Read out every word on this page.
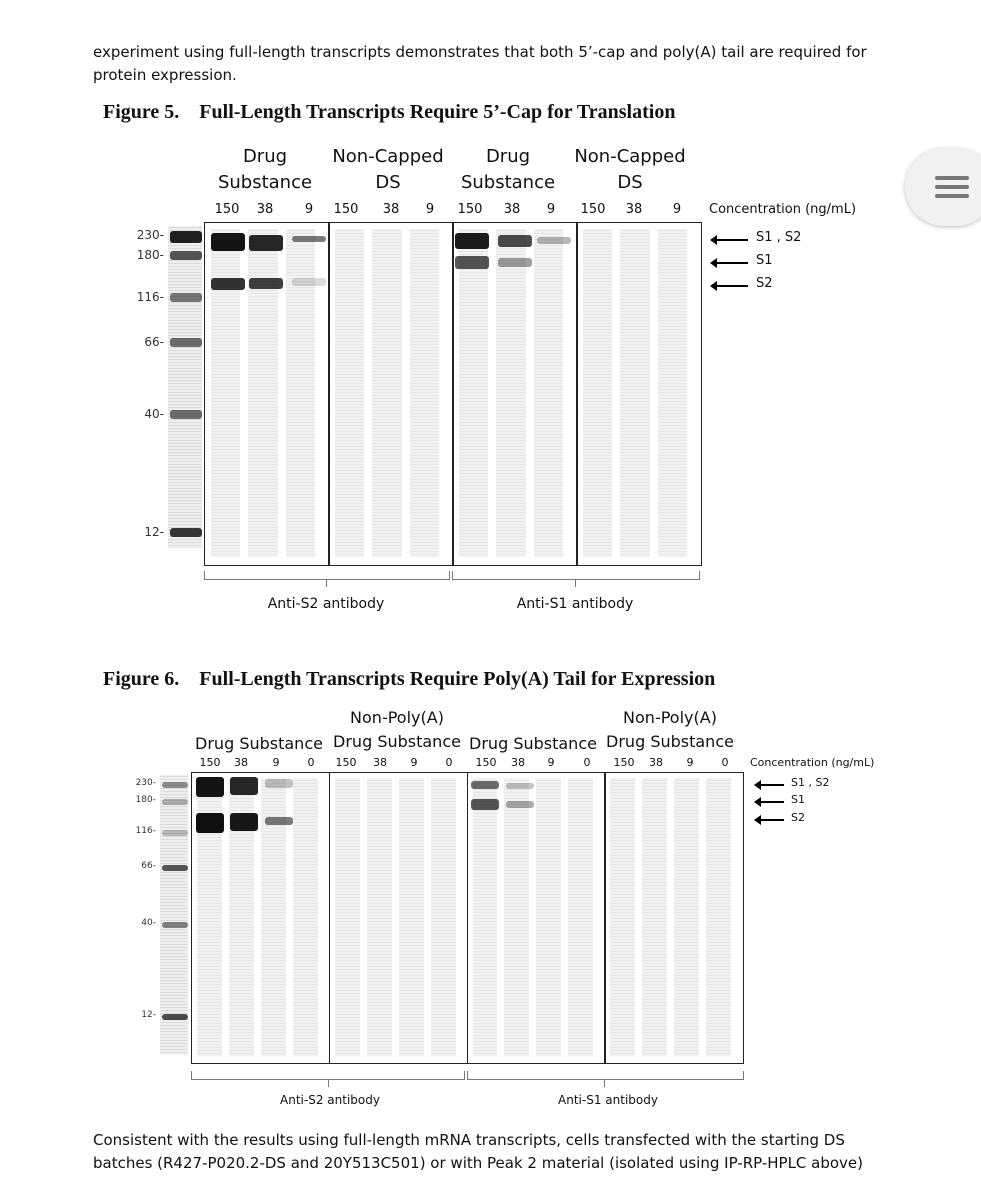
experiment using full-length transcripts demonstrates that both 5’-cap and poly(A) tail are required for protein expression.
Figure 5. Full-Length Transcripts Require 5’-Cap for Translation
Drug
Substance
Non-Capped
DS
Drug
Substance
Non-Capped
DS
150	38	9	150	38	9	150	38	9	150	38	9	Concentration (ng/mL)
230-
180-
116-
66-
40-
12-
S1 , S2
S1
S2
Anti-S2 antibody	Anti-S1 antibody
Figure 6. Full-Length Transcripts Require Poly(A) Tail for Expression
Drug Substance
Non-Poly(A)
Drug Substance Drug Substance
Non-Poly(A)
Drug Substance
150	38	9	0	150	38	9	0	150	38	9	0	150	38	9	0	Concentration (ng/mL)
230-
180-
116-
66-
40-
12-
S1 , S2
S1
S2
Anti-S2 antibody	Anti-S1 antibody
Consistent with the results using full-length mRNA transcripts, cells transfected with the starting DS batches (R427-P020.2-DS and 20Y513C501) or with Peak 2 material (isolated using IP-RP-HPLC above)
